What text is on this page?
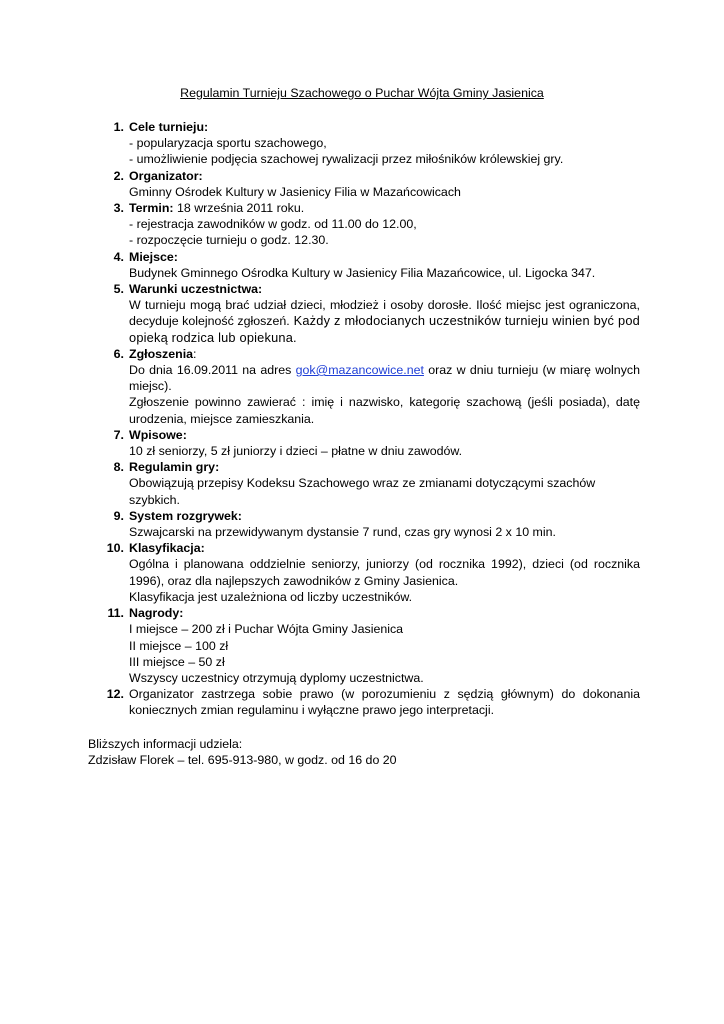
Regulamin Turnieju Szachowego o Puchar Wójta Gminy Jasienica
1. Cele turnieju:
- popularyzacja sportu szachowego,
- umożliwienie podjęcia szachowej rywalizacji przez miłośników królewskiej gry.
2. Organizator:
Gminny Ośrodek Kultury w Jasienicy Filia w Mazańcowicach
3. Termin: 18 września 2011 roku.
- rejestracja zawodników w godz. od 11.00 do 12.00,
- rozpoczęcie turnieju o godz. 12.30.
4. Miejsce:
Budynek Gminnego Ośrodka Kultury w Jasienicy Filia Mazańcowice, ul. Ligocka 347.
5. Warunki uczestnictwa:
W turnieju mogą brać udział dzieci, młodzież i osoby dorosłe. Ilość miejsc jest ograniczona, decyduje kolejność zgłoszeń. Każdy z młodocianych uczestników turnieju winien być pod opieką rodzica lub opiekuna.
6. Zgłoszenia:
Do dnia 16.09.2011 na adres gok@mazancowice.net oraz w dniu turnieju (w miarę wolnych miejsc).
Zgłoszenie powinno zawierać : imię i nazwisko, kategorię szachową (jeśli posiada), datę urodzenia, miejsce zamieszkania.
7. Wpisowe:
10 zł seniorzy, 5 zł juniorzy i dzieci – płatne w dniu zawodów.
8. Regulamin gry:
Obowiązują przepisy Kodeksu Szachowego wraz ze zmianami dotyczącymi szachów szybkich.
9. System rozgrywek:
Szwajcarski na przewidywanym dystansie 7 rund, czas gry wynosi 2 x 10 min.
10. Klasyfikacja:
Ogólna i planowana oddzielnie seniorzy, juniorzy (od rocznika 1992), dzieci (od rocznika 1996), oraz dla najlepszych zawodników z Gminy Jasienica.
Klasyfikacja jest uzależniona od liczby uczestników.
11. Nagrody:
I miejsce – 200 zł i Puchar Wójta Gminy Jasienica
II miejsce – 100 zł
III miejsce – 50 zł
Wszyscy uczestnicy otrzymują dyplomy uczestnictwa.
12. Organizator zastrzega sobie prawo (w porozumieniu z sędzią głównym) do dokonania koniecznych zmian regulaminu i wyłączne prawo jego interpretacji.
Bliższych informacji udziela:
Zdzisław Florek – tel. 695-913-980, w godz. od 16 do 20
